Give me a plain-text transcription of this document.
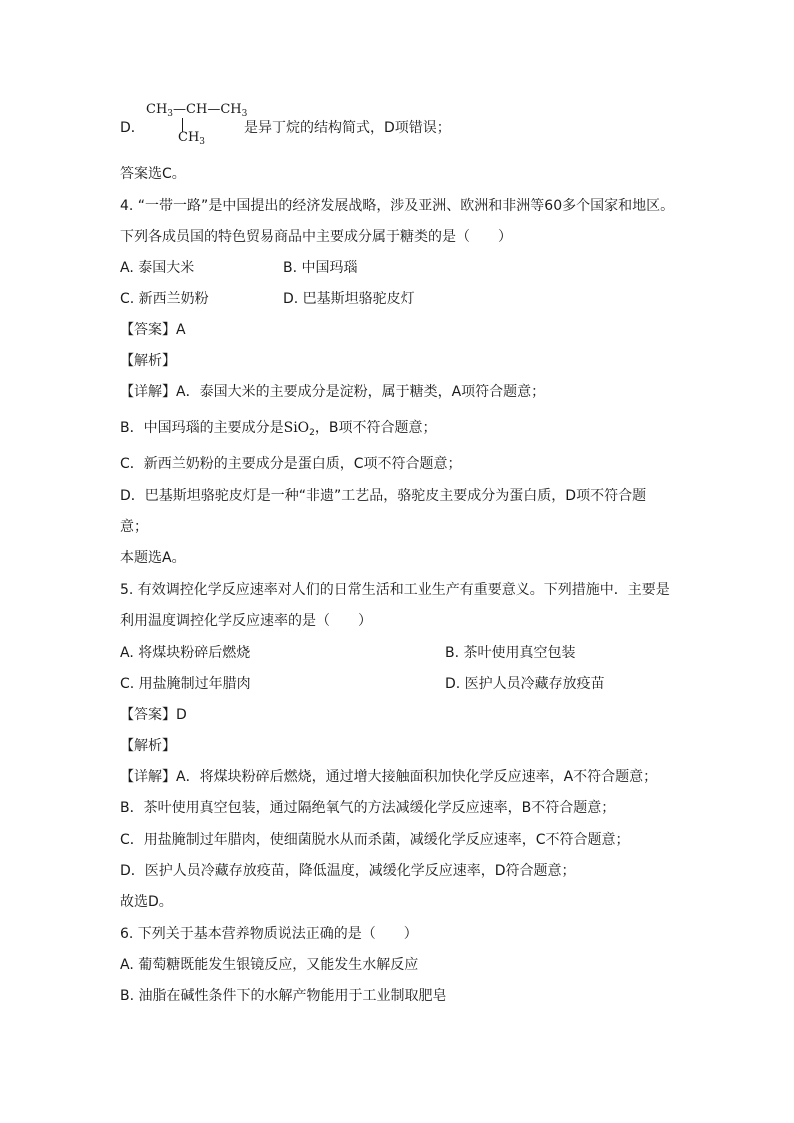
D．
$CH_3—CH—CH_3$
$CH_3$
是异丁烷的结构简式，D项错误；
答案选C。
4. “一带一路”是中国提出的经济发展战略，涉及亚洲、欧洲和非洲等60多个国家和地区。
下列各成员国的特色贸易商品中主要成分属于糖类的是（　　）
A. 泰国大米	B. 中国玛瑙
C. 新西兰奶粉	D. 巴基斯坦骆驼皮灯
【答案】A
【解析】
【详解】A．泰国大米的主要成分是淀粉，属于糖类，A项符合题意；
B．中国玛瑙的主要成分是SiO$_2$，B项不符合题意；
C．新西兰奶粉的主要成分是蛋白质，C项不符合题意；
D．巴基斯坦骆驼皮灯是一种“非遗”工艺品，骆驼皮主要成分为蛋白质，D项不符合题
意；
本题选A。
5. 有效调控化学反应速率对人们的日常生活和工业生产有重要意义。下列措施中．主要是
利用温度调控化学反应速率的是（　　）
A. 将煤块粉碎后燃烧	B. 茶叶使用真空包装
C. 用盐腌制过年腊肉	D. 医护人员冷藏存放疫苗
【答案】D
【解析】
【详解】A．将煤块粉碎后燃烧，通过增大接触面积加快化学反应速率，A不符合题意；
B．茶叶使用真空包装，通过隔绝氧气的方法减缓化学反应速率，B不符合题意；
C．用盐腌制过年腊肉，使细菌脱水从而杀菌，减缓化学反应速率，C不符合题意；
D．医护人员冷藏存放疫苗，降低温度，减缓化学反应速率，D符合题意；
故选D。
6. 下列关于基本营养物质说法正确的是（　　）
A. 葡萄糖既能发生银镜反应，又能发生水解反应
B. 油脂在碱性条件下的水解产物能用于工业制取肥皂
